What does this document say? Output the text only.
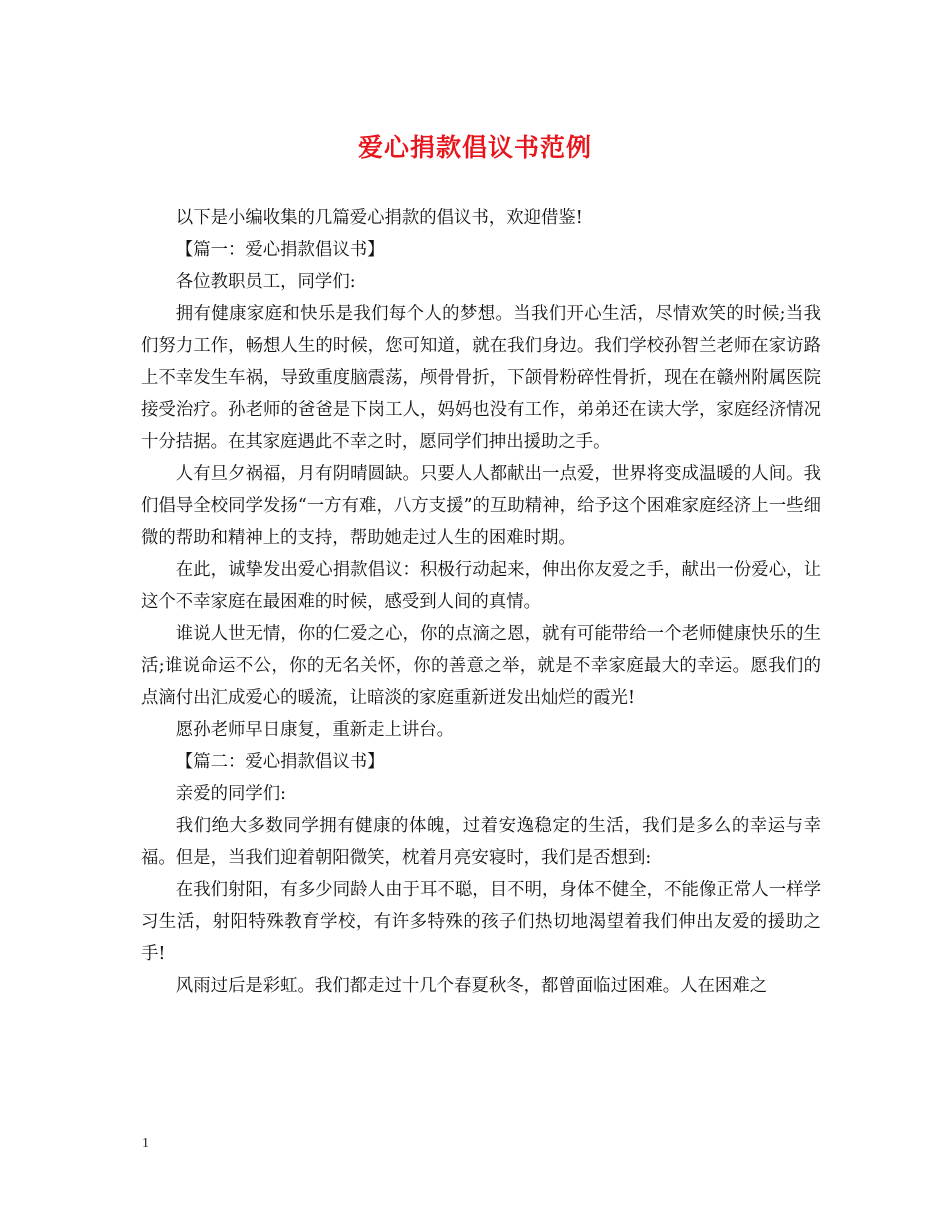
爱心捐款倡议书范例

以下是小编收集的几篇爱心捐款的倡议书，欢迎借鉴!

【篇一：爱心捐款倡议书】

各位教职员工，同学们:

拥有健康家庭和快乐是我们每个人的梦想。当我们开心生活，尽情欢笑的时候;当我们努力工作，畅想人生的时候，您可知道，就在我们身边。我们学校孙智兰老师在家访路上不幸发生车祸，导致重度脑震荡，颅骨骨折，下颌骨粉碎性骨折，现在在赣州附属医院接受治疗。孙老师的爸爸是下岗工人，妈妈也没有工作，弟弟还在读大学，家庭经济情况十分拮据。在其家庭遇此不幸之时，愿同学们抻出援助之手。

人有旦夕祸福，月有阴晴圆缺。只要人人都献出一点爱，世界将变成温暖的人间。我们倡导全校同学发扬“一方有难，八方支援”的互助精神，给予这个困难家庭经济上一些细微的帮助和精神上的支持，帮助她走过人生的困难时期。

在此，诚挚发出爱心捐款倡议：积极行动起来，伸出你友爱之手，献出一份爱心，让这个不幸家庭在最困难的时候，感受到人间的真情。

谁说人世无情，你的仁爱之心，你的点滴之恩，就有可能带给一个老师健康快乐的生活;谁说命运不公，你的无名关怀，你的善意之举，就是不幸家庭最大的幸运。愿我们的点滴付出汇成爱心的暖流，让暗淡的家庭重新迸发出灿烂的霞光!

愿孙老师早日康复，重新走上讲台。

【篇二：爱心捐款倡议书】

亲爱的同学们:

我们绝大多数同学拥有健康的体魄，过着安逸稳定的生活，我们是多么的幸运与幸福。但是，当我们迎着朝阳微笑，枕着月亮安寝时，我们是否想到:

在我们射阳，有多少同龄人由于耳不聪，目不明，身体不健全，不能像正常人一样学习生活，射阳特殊教育学校，有许多特殊的孩子们热切地渴望着我们伸出友爱的援助之手!

风雨过后是彩虹。我们都走过十几个春夏秋冬，都曾面临过困难。人在困难之

1
